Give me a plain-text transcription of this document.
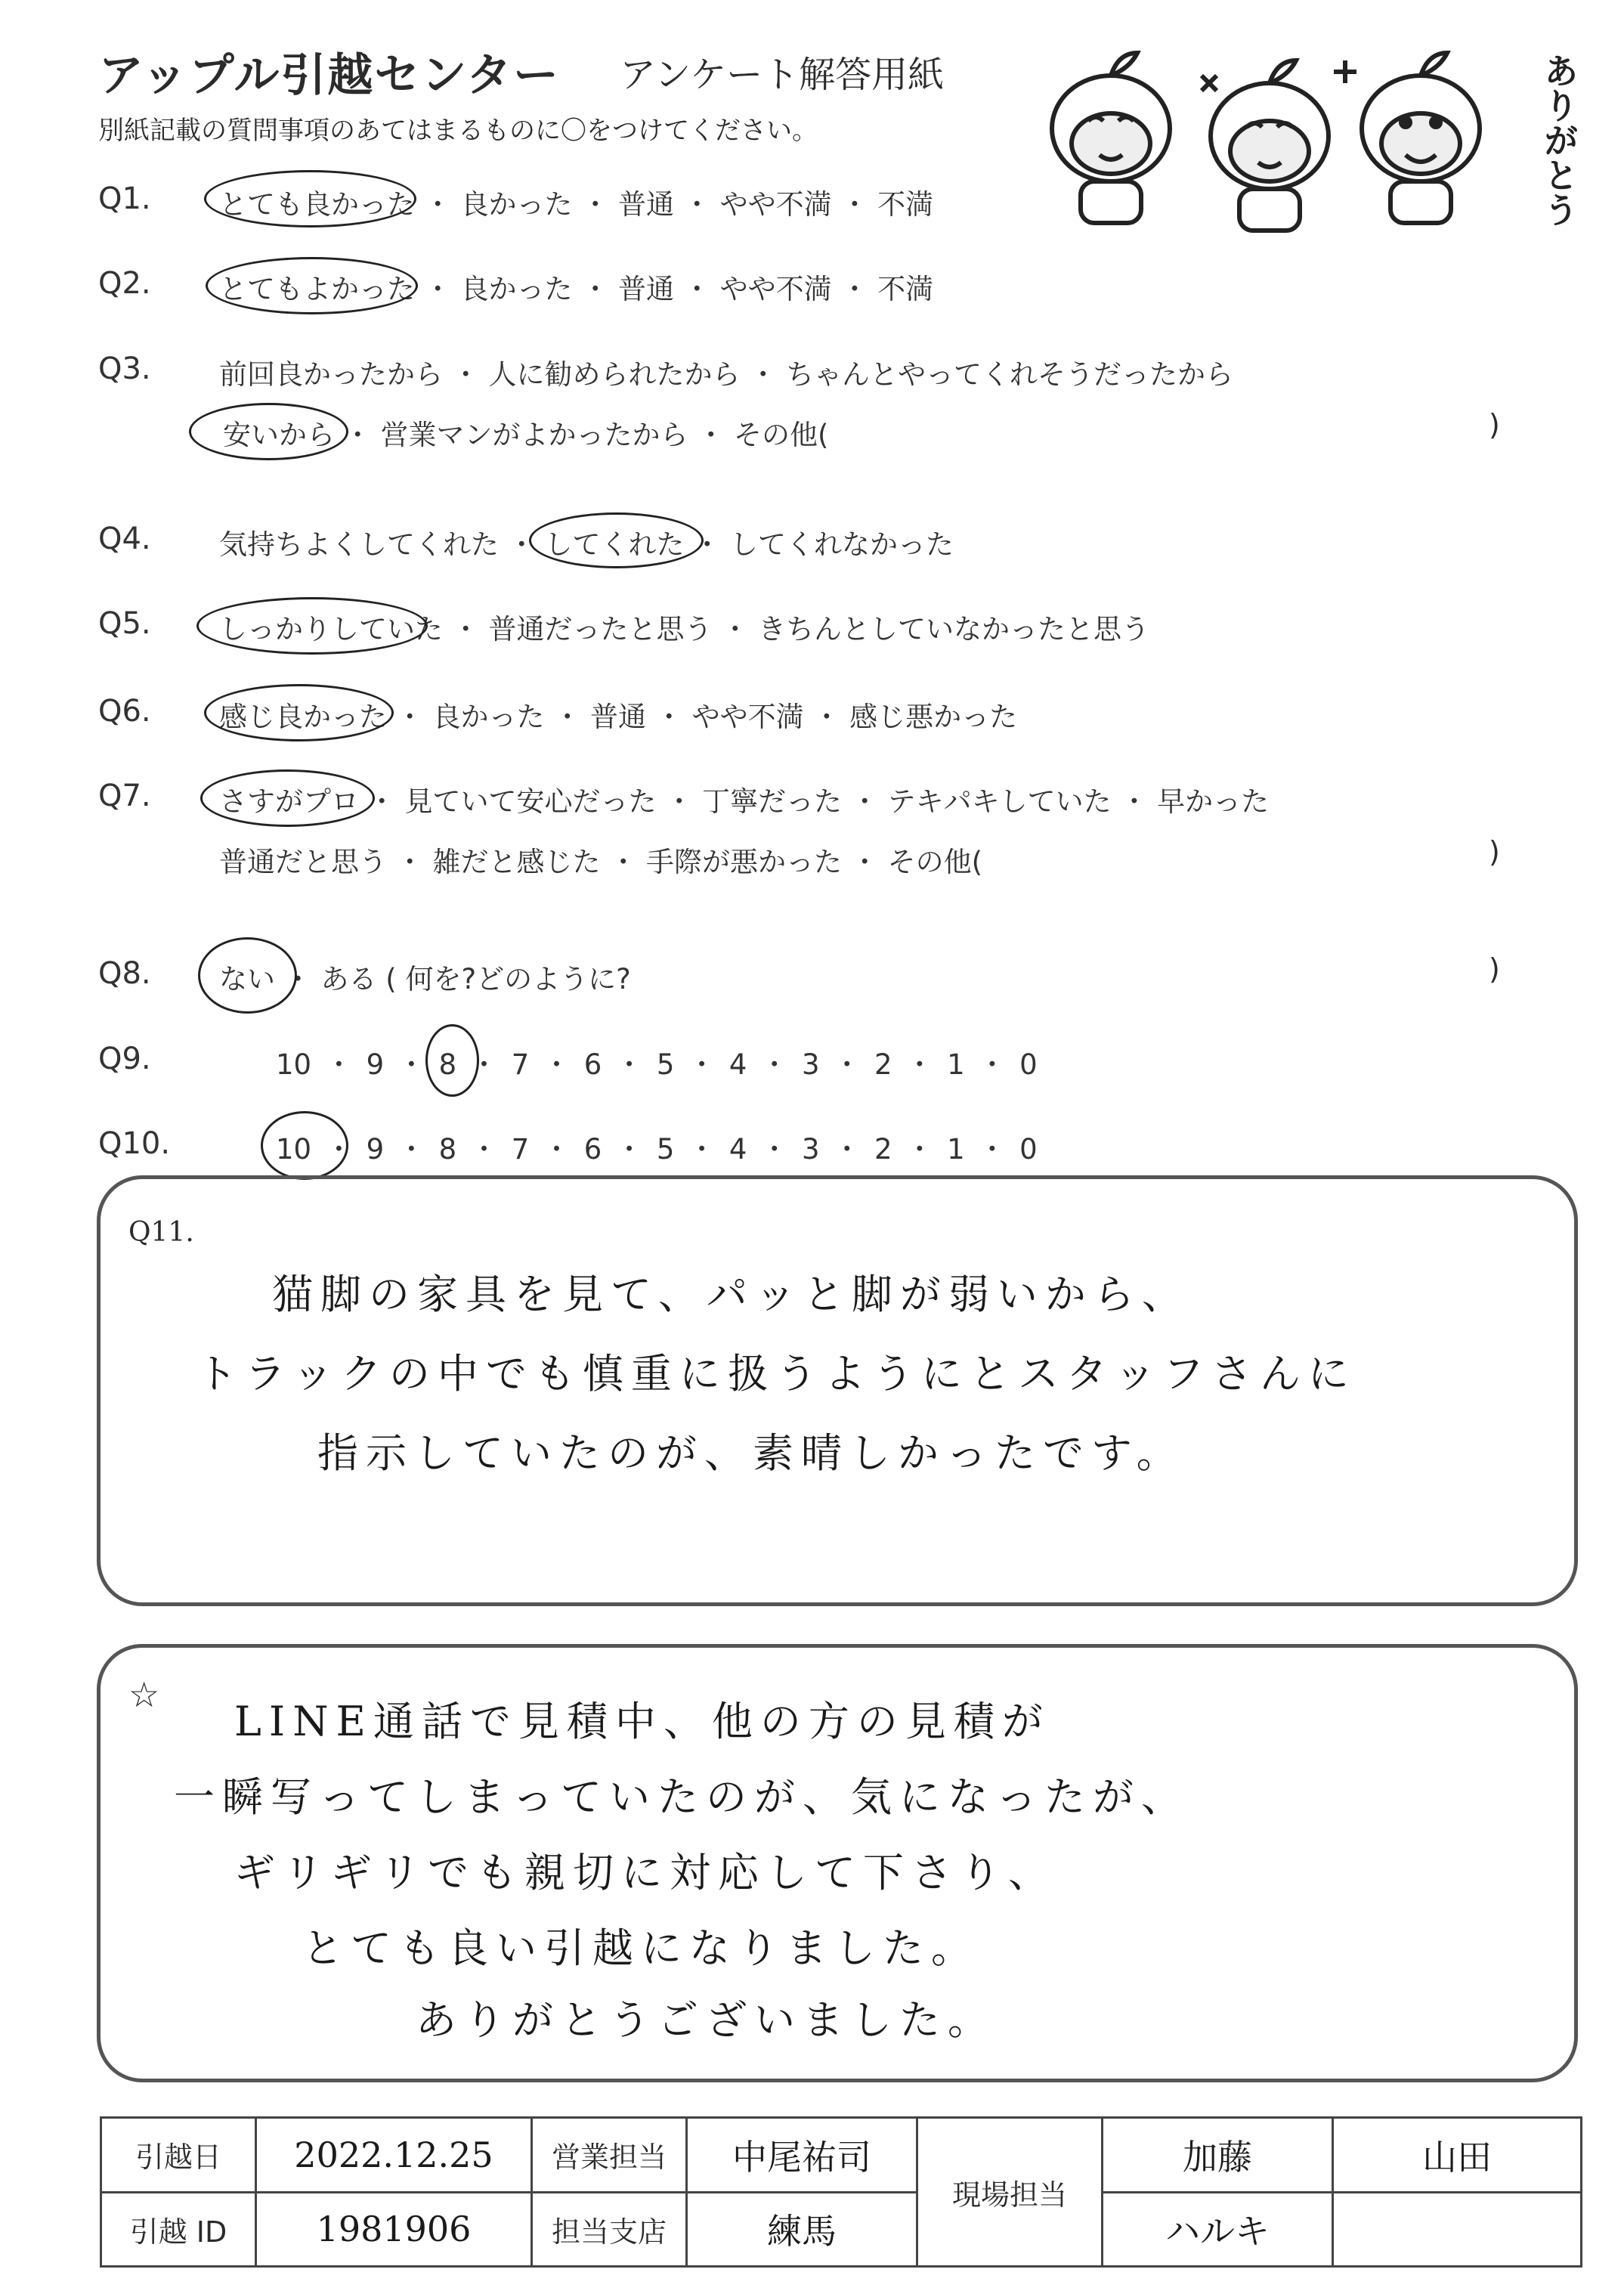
アップル引越センター アンケート解答用紙
別紙記載の質問事項のあてはまるものに〇をつけてください。	ありがとう
Q1.	とても良かった ・ 良かった ・ 普通 ・ やや不満 ・ 不満
Q2.	とてもよかった ・ 良かった ・ 普通 ・ やや不満 ・ 不満
Q3.	前回良かったから ・ 人に勧められたから ・ ちゃんとやってくれそうだったから
安いから ・ 営業マンがよかったから ・ その他(	)
Q4.	気持ちよくしてくれた ・ してくれた ・ してくれなかった
Q5.	しっかりしていた ・ 普通だったと思う ・ きちんとしていなかったと思う
Q6.	感じ良かった ・ 良かった ・ 普通 ・ やや不満 ・ 感じ悪かった
Q7.	さすがプロ ・ 見ていて安心だった ・ 丁寧だった ・ テキパキしていた ・ 早かった
普通だと思う ・ 雑だと感じた ・ 手際が悪かった ・ その他(	)
Q8.	ない ・ ある ( 何を?どのように?	)
Q9.	10 ・ 9 ・ 8 ・ 7 ・ 6 ・ 5 ・ 4 ・ 3 ・ 2 ・ 1 ・ 0
Q10.	10 ・ 9 ・ 8 ・ 7 ・ 6 ・ 5 ・ 4 ・ 3 ・ 2 ・ 1 ・ 0
Q11.
猫脚の家具を見て、パッと脚が弱いから、
トラックの中でも慎重に扱うようにとスタッフさんに
指示していたのが、素晴しかったです。
☆
LINE通話で見積中、他の方の見積が
一瞬写ってしまっていたのが、気になったが、
ギリギリでも親切に対応して下さり、
とても良い引越になりました。
ありがとうございました。
引越日	2022.12.25	営業担当	中尾祐司	現場担当	加藤	山田
引越 ID	1981906	担当支店	練馬		ハルキ	
